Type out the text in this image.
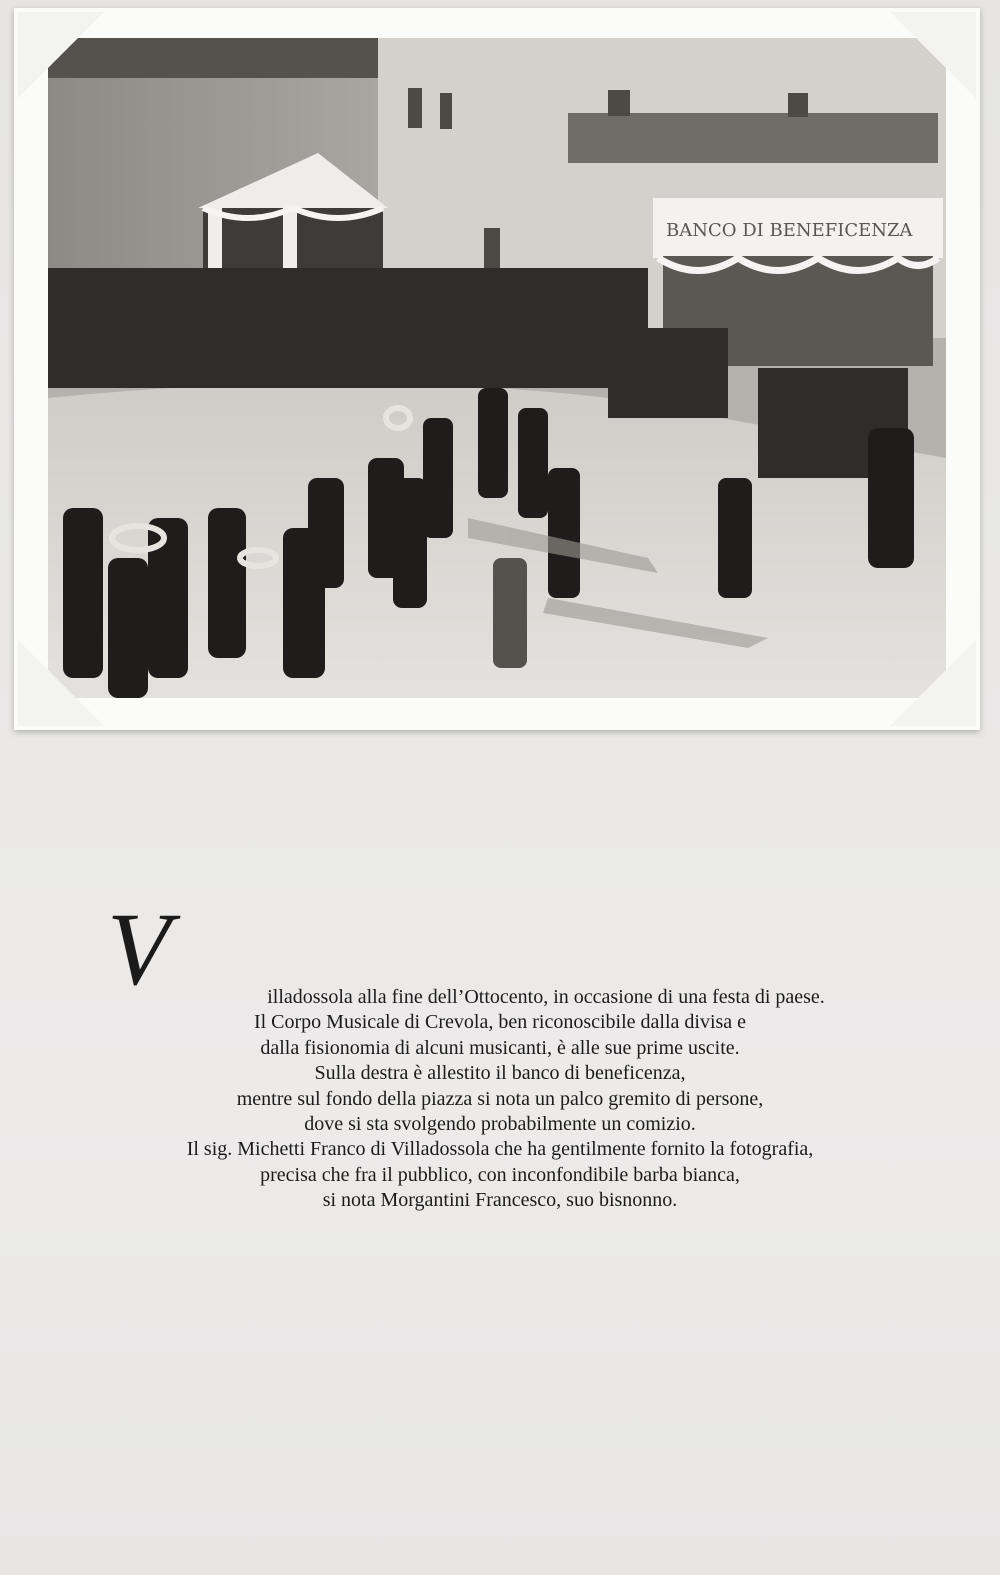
BANCO DI BENEFICENZA
V	illadossola alla fine dell’Ottocento, in occasione di una festa di paese.
Il Corpo Musicale di Crevola, ben riconoscibile dalla divisa e
dalla fisionomia di alcuni musicanti, è alle sue prime uscite.
Sulla destra è allestito il banco di beneficenza,
mentre sul fondo della piazza si nota un palco gremito di persone,
dove si sta svolgendo probabilmente un comizio.
Il sig. Michetti Franco di Villadossola che ha gentilmente fornito la fotografia,
precisa che fra il pubblico, con inconfondibile barba bianca,
si nota Morgantini Francesco, suo bisnonno.
